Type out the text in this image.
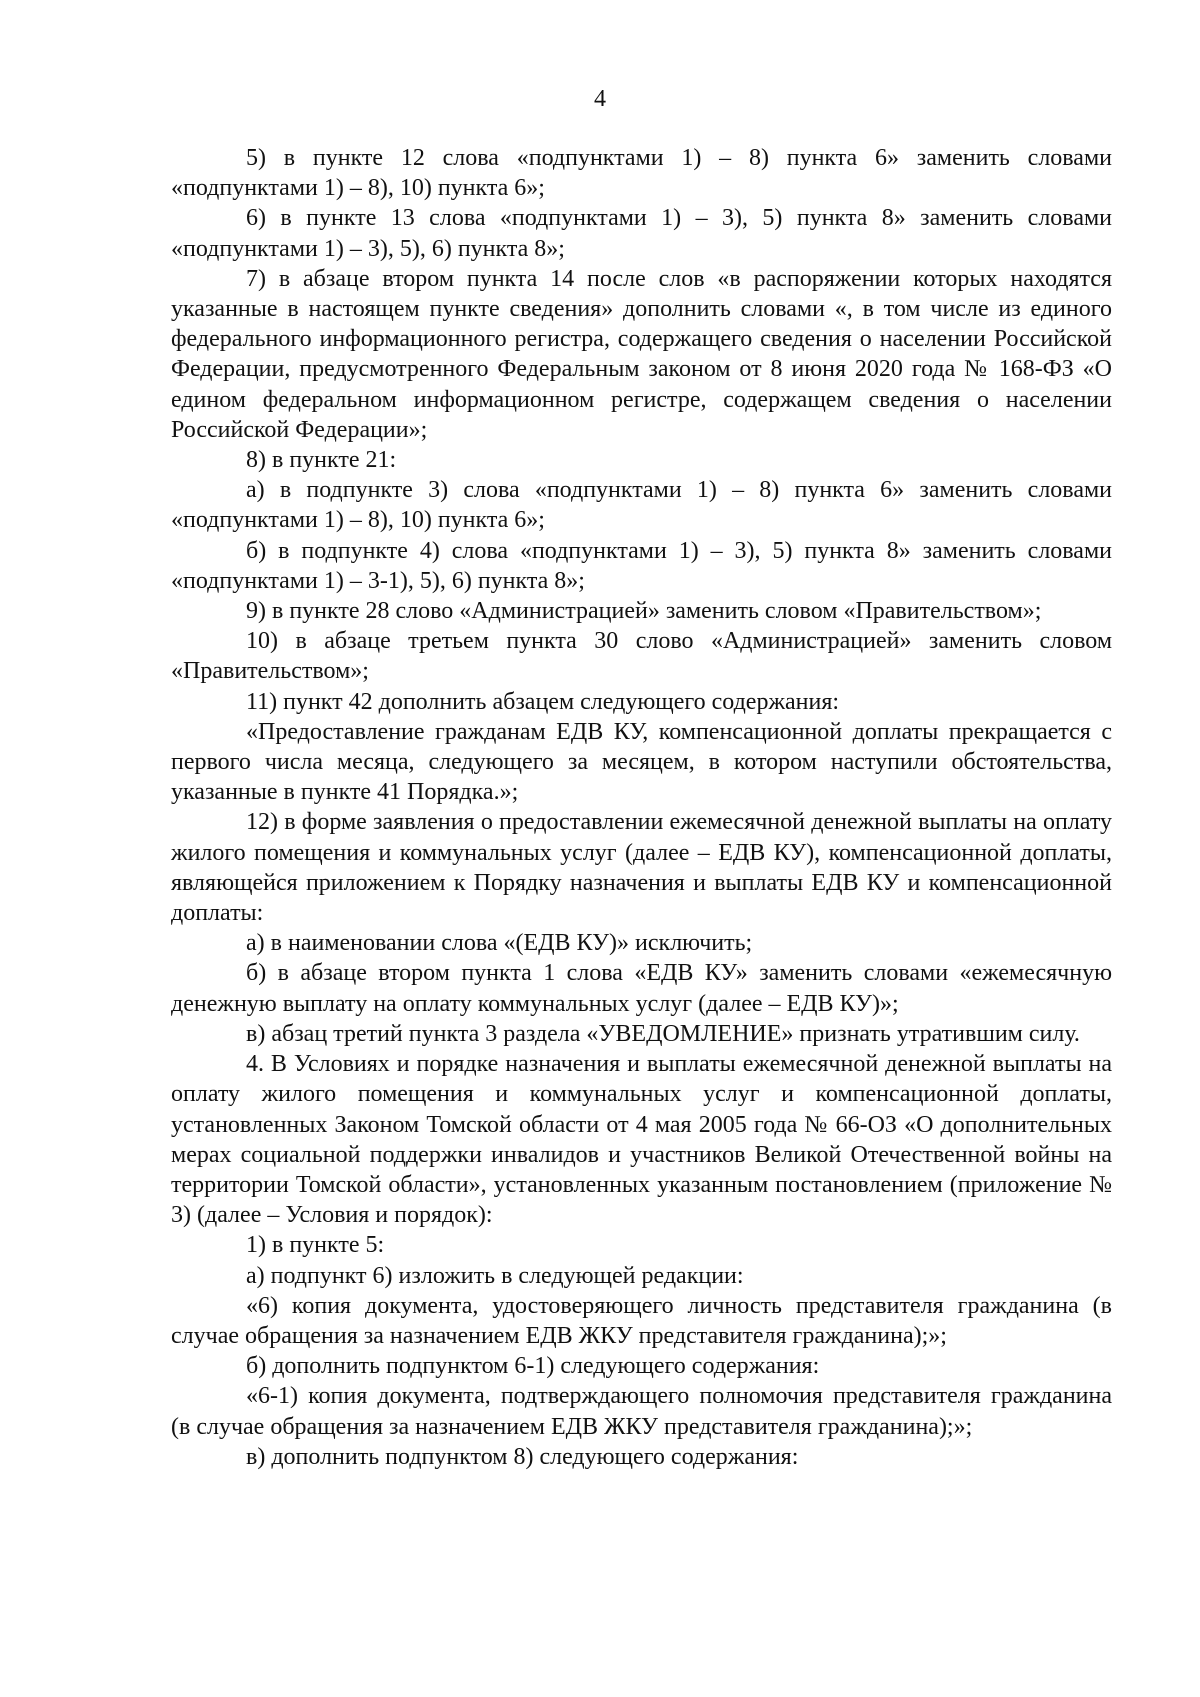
4

5) в пункте 12 слова «подпунктами 1) – 8) пункта 6» заменить словами «подпунктами 1) – 8), 10) пункта 6»;

6) в пункте 13 слова «подпунктами 1) – 3), 5) пункта 8» заменить словами «подпунктами 1) – 3), 5), 6) пункта 8»;

7) в абзаце втором пункта 14 после слов «в распоряжении которых находятся указанные в настоящем пункте сведения» дополнить словами «, в том числе из единого федерального информационного регистра, содержащего сведения о населении Российской Федерации, предусмотренного Федеральным законом от 8 июня 2020 года № 168-ФЗ «О едином федеральном информационном регистре, содержащем сведения о населении Российской Федерации»;

8) в пункте 21:

а) в подпункте 3) слова «подпунктами 1) – 8) пункта 6» заменить словами «подпунктами 1) – 8), 10) пункта 6»;

б) в подпункте 4) слова «подпунктами 1) – 3), 5) пункта 8» заменить словами «подпунктами 1) – 3-1), 5), 6) пункта 8»;

9) в пункте 28 слово «Администрацией» заменить словом «Правительством»;

10) в абзаце третьем пункта 30 слово «Администрацией» заменить словом «Правительством»;

11) пункт 42 дополнить абзацем следующего содержания:

«Предоставление гражданам ЕДВ КУ, компенсационной доплаты прекращается с первого числа месяца, следующего за месяцем, в котором наступили обстоятельства, указанные в пункте 41 Порядка.»;

12) в форме заявления о предоставлении ежемесячной денежной выплаты на оплату жилого помещения и коммунальных услуг (далее – ЕДВ КУ), компенсационной доплаты, являющейся приложением к Порядку назначения и выплаты ЕДВ КУ и компенсационной доплаты:

а) в наименовании слова «(ЕДВ КУ)» исключить;

б) в абзаце втором пункта 1 слова «ЕДВ КУ» заменить словами «ежемесячную денежную выплату на оплату коммунальных услуг (далее – ЕДВ КУ)»;

в) абзац третий пункта 3 раздела «УВЕДОМЛЕНИЕ» признать утратившим силу.

4. В Условиях и порядке назначения и выплаты ежемесячной денежной выплаты на оплату жилого помещения и коммунальных услуг и компенсационной доплаты, установленных Законом Томской области от 4 мая 2005 года № 66-ОЗ «О дополнительных мерах социальной поддержки инвалидов и участников Великой Отечественной войны на территории Томской области», установленных указанным постановлением (приложение № 3) (далее – Условия и порядок):

1) в пункте 5:

а) подпункт 6) изложить в следующей редакции:

«6) копия документа, удостоверяющего личность представителя гражданина (в случае обращения за назначением ЕДВ ЖКУ представителя гражданина);»;

б) дополнить подпунктом 6-1) следующего содержания:

«6-1) копия документа, подтверждающего полномочия представителя гражданина (в случае обращения за назначением ЕДВ ЖКУ представителя гражданина);»;

в) дополнить подпунктом 8) следующего содержания:
